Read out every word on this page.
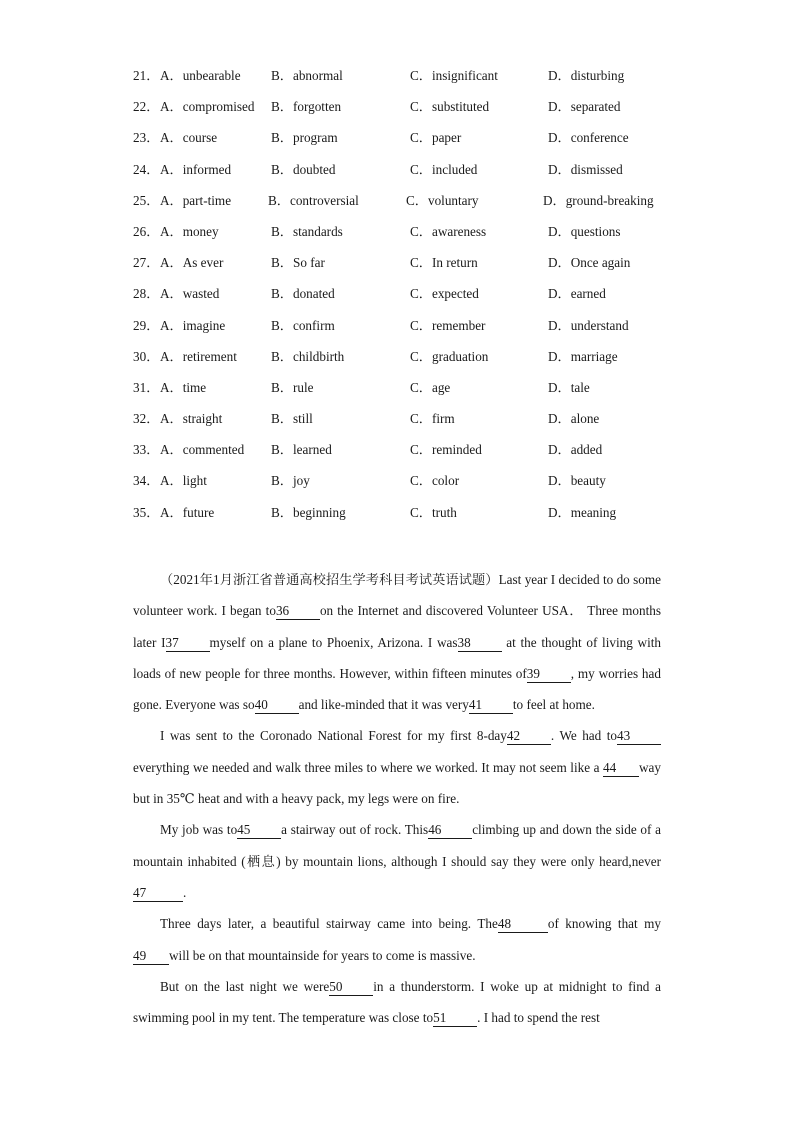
21． A．unbearable B．abnormal	C．insignificant	D．disturbing
22． A．compromised B．forgotten	C．substituted	D．separated
23． A．course	B．program	C．paper	D．conference
24． A．informed	B．doubted	C．included	D．dismissed
25． A．part-time	B．controversial	C．voluntary	D．ground-breaking
26． A．money	B．standards	C．awareness	D．questions
27． A．As ever	B．So far	C．In return	D．Once again
28． A．wasted	B．donated	C．expected	D．earned
29． A．imagine	B．confirm	C．remember	D．understand
30． A．retirement	B．childbirth	C．graduation	D．marriage
31． A．time	B．rule	C．age	D．tale
32． A．straight	B．still	C．firm	D．alone
33． A．commented B．learned	C．reminded	D．added
34． A．light	B．joy	C．color	D．beauty
35． A．future	B．beginning	C．truth	D．meaning

（2021年1月浙江省普通高校招生学考科目考试英语试题）Last year I decided to do some volunteer work. I began to36 on the Internet and discovered Volunteer USA． Three months later I37 myself on a plane to Phoenix, Arizona. I was38	at the thought of living with loads of new people for three months. However, within fifteen minutes of39 , my worries had gone. Everyone was so40 and like-minded that it was very41 to feel at home.

I was sent to the Coronado National Forest for my first 8-day42 . We had to43everything we needed and walk three miles to where we worked. It may not seem like a 44 way but in 35℃ heat and with a heavy pack, my legs were on fire.

My job was to45 a stairway out of rock. This46 climbing up and down the side of a mountain inhabited (栖息) by mountain lions, although I should say they were only heard,never47	.

Three days later, a beautiful stairway came into being. The48	of knowing that my 49 will be on that mountainside for years to come is massive.

But on the last night we were50 in a thunderstorm. I woke up at midnight to find a swimming pool in my tent. The temperature was close to51 . I had to spend the rest
